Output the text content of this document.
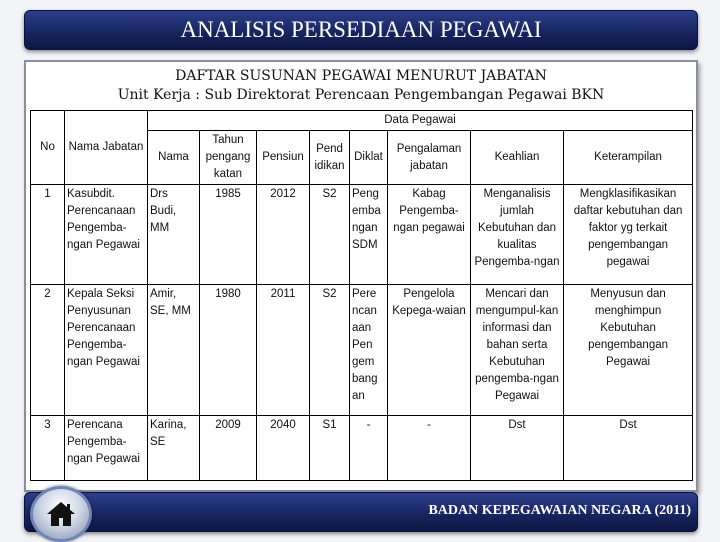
ANALISIS PERSEDIAAN PEGAWAI
DAFTAR SUSUNAN PEGAWAI MENURUT JABATAN
Unit Kerja : Sub Direktorat Perencaan Pengembangan Pegawai BKN
No	Nama Jabatan	Data Pegawai							
		Nama	Tahun pengang katan	Pensiun	Pend idikan	Diklat	Pengalaman jabatan	Keahlian	Keterampilan
1	Kasubdit. Perencanaan Pengemba-ngan Pegawai	Drs Budi, MM	1985	2012	S2	Peng emba ngan SDM	Kabag Pengemba-ngan pegawai	Menganalisis jumlah Kebutuhan dan kualitas Pengemba-ngan	Mengklasifikasikan daftar kebutuhan dan faktor yg terkait pengembangan pegawai
2	Kepala Seksi Penyusunan Perencanaan Pengemba-ngan Pegawai	Amir, SE, MM	1980	2011	S2	Pere ncan aan Pen gem bang an	Pengelola Kepega-waian	Mencari dan mengumpul-kan informasi dan bahan serta Kebutuhan pengemba-ngan Pegawai	Menyusun dan menghimpun Kebutuhan pengembangan Pegawai
3	Perencana Pengemba-ngan Pegawai	Karina, SE	2009	2040	S1	-	-	Dst	Dst
BADAN KEPEGAWAIAN NEGARA (2011)
